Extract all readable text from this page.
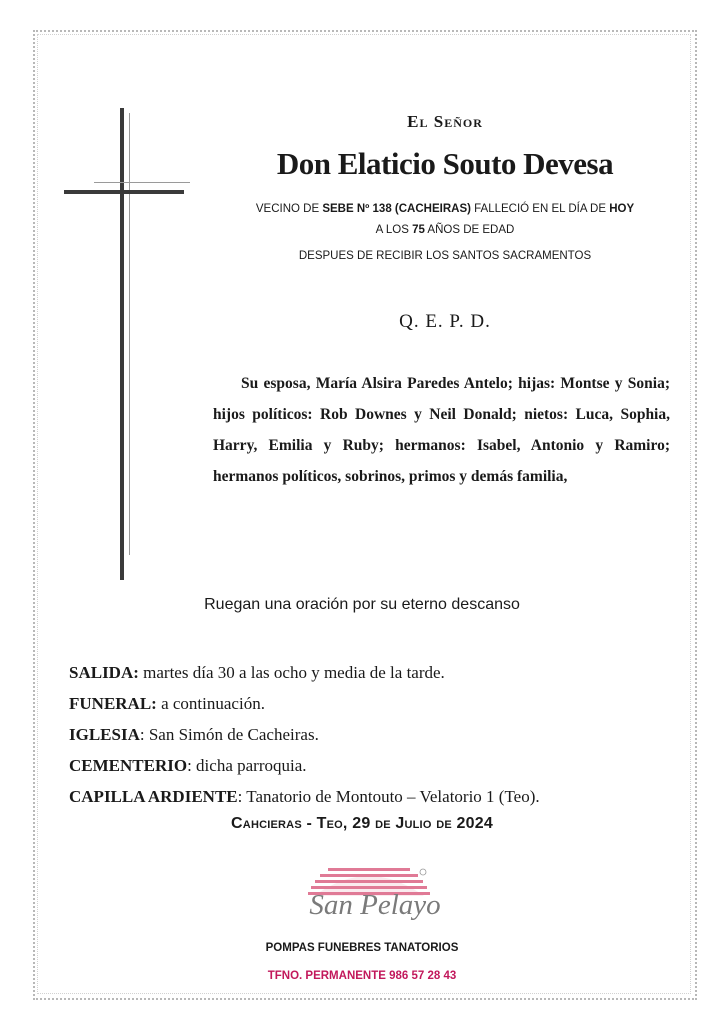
El Señor
Don Elaticio Souto Devesa
VECINO DE SEBE Nº 138 (CACHEIRAS) FALLECIÓ EN EL DÍA DE HOY
A LOS 75 AÑOS DE EDAD
DESPUES DE RECIBIR LOS SANTOS SACRAMENTOS
Q. E. P. D.
Su esposa, María Alsira Paredes Antelo; hijas: Montse y Sonia; hijos políticos: Rob Downes y Neil Donald; nietos: Luca, Sophia, Harry, Emilia y Ruby; hermanos: Isabel, Antonio y Ramiro; hermanos políticos, sobrinos, primos y demás familia,
Ruegan una oración por su eterno descanso
SALIDA: martes día 30 a las ocho y media de la tarde.
FUNERAL: a continuación.
IGLESIA: San Simón de Cacheiras.
CEMENTERIO: dicha parroquia.
CAPILLA ARDIENTE: Tanatorio de Montouto – Velatorio 1 (Teo).
Cahcieras - Teo, 29 de Julio de 2024
San Pelayo
POMPAS FUNEBRES TANATORIOS
TFNO. PERMANENTE 986 57 28 43
